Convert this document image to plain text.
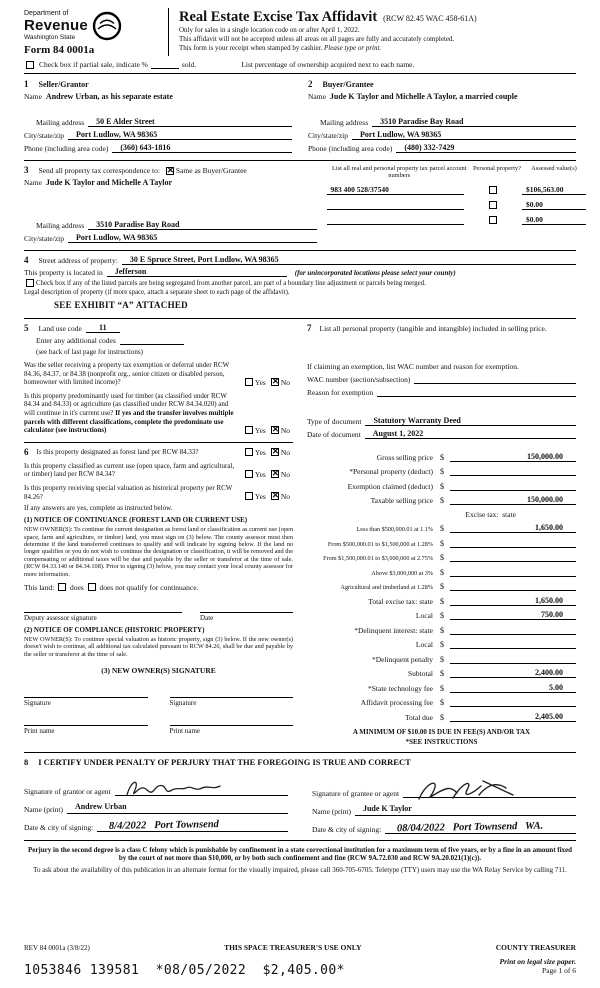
Department of
Revenue
Washington State
Form 84 0001a
Real Estate Excise Tax Affidavit (RCW 82.45 WAC 458-61A)
Only for sales in a single location code on or after April 1, 2022.
This affidavit will not be accepted unless all areas on all pages are fully and accurately completed.
This form is your receipt when stamped by cashier. Please type or print.
Check box if partial sale, indicate %	sold.	List percentage of ownership acquired next to each name.
1 Seller/Grantor
Name Andrew Urban, as his separate estate
Mailing address	50 E Alder Street
City/state/zip	Port Ludlow, WA 98365
Phone (including area code)	(360) 643-1816
2 Buyer/Grantee
Name Jude K Taylor and Michelle A Taylor, a married couple
Mailing address	3510 Paradise Bay Road
City/state/zip	Port Ludlow, WA 98365
Phone (including area code)	(480) 332-7429
3 Send all property tax correspondence to: ✕ Same as Buyer/Grantee
Name Jude K Taylor and Michelle A Taylor
Mailing address	3510 Paradise Bay Road
City/state/zip	Port Ludlow, WA 98365
List all real and personal property tax parcel account numbers
Personal property?	Assessed value(s)
983 400 528/37540	$106,563.00
$0.00
$0.00
4 Street address of property:	30 E Spruce Street, Port Ludlow, WA 98365
This property is located in	Jefferson	(for unincorporated locations please select your county)
Check box if any of the listed parcels are being segregated from another parcel, are part of a boundary line adjustment or parcels being merged.
Legal description of property (if more space, attach a separate sheet to each page of the affidavit).
SEE EXHIBIT “A” ATTACHED
5 Land use code	11
Enter any additional codes
(see back of last page for instructions)
Was the seller receiving a property tax exemption or deferral under RCW 84.36, 84.37, or 84.38 (nonprofit org., senior citizen or disabled person, homeowner with limited income)?	Yes ✕ No
Is this property predominantly used for timber (as classified under RCW 84.34 and 84.33) or agriculture (as classified under RCW 84.34.020) and will continue in it's current use? If yes and the transfer involves multiple parcels with different classifications, complete the predominate use calculator (see instructions)	Yes ✕ No
6 Is this property designated as forest land per RCW 84.33?	Yes ✕ No
Is this property classified as current use (open space, farm and agricultural, or timber) land per RCW 84.34?	Yes ✕ No
Is this property receiving special valuation as historical property per RCW 84.26?	Yes ✕ No
If any answers are yes, complete as instructed below.
(1) NOTICE OF CONTINUANCE (FOREST LAND OR CURRENT USE)
NEW OWNER(S): To continue the current designation as forest land or classification as current use (open space, farm and agriculture, or timber) land, you must sign on (3) below. The county assessor must then determine if the land transferred continues to qualify and will indicate by signing below. If the land no longer qualifies or you do not wish to continue the designation or classification, it will be removed and the compensating or additional taxes will be due and payable by the seller or transferor at the time of sale. (RCW 84.33.140 or 84.34.108). Prior to signing (3) below, you may contact your local county assessor for more information.
This land: does does not qualify for continuance.
Deputy assessor signature	Date
(2) NOTICE OF COMPLIANCE (HISTORIC PROPERTY)
NEW OWNER(S): To continue special valuation as historic property, sign (3) below. If the new owner(s) doesn't wish to continue, all additional tax calculated pursuant to RCW 84.26, shall be due and payable by the seller or transferor at the time of sale.
(3) NEW OWNER(S) SIGNATURE
Signature	Signature
Print name	Print name
7 List all personal property (tangible and intangible) included in selling price.
If claiming an exemption, list WAC number and reason for exemption.
WAC number (section/subsection)
Reason for exemption
Type of document	Statutory Warranty Deed
Date of document	August 1, 2022
Gross selling price $	150,000.00
*Personal property (deduct) $
Exemption claimed (deduct) $
Taxable selling price $	150,000.00
Excise tax:  state
Less than $500,000.01 at 1.1% $	1,650.00
From $500,000.01 to $1,500,000 at 1.28% $
From $1,500,000.01 to $3,000,000 at 2.75% $
Above $3,000,000 at 3% $
Agricultural and timberland at 1.28% $
Total excise tax: state $	1,650.00
Local $	750.00
*Delinquent interest: state $
Local $
*Delinquent penalty $
Subtotal $	2,400.00
*State technology fee $	5.00
Affidavit processing fee $
Total due $	2,405.00
A MINIMUM OF $10.00 IS DUE IN FEE(S) AND/OR TAX
*SEE INSTRUCTIONS
8 I CERTIFY UNDER PENALTY OF PERJURY THAT THE FOREGOING IS TRUE AND CORRECT
Signature of grantor or agent
Name (print)	Andrew Urban
Date & city of signing:	8/4/2022   Port Townsend
Signature of grantee or agent
Name (print)	Jude K Taylor
Date & city of signing:	08/04/2022   Port Townsend   WA.

Perjury in the second degree is a class C felony which is punishable by confinement in a state correctional institution for a maximum term of five years, or by a fine in an amount fixed by the court of not more than $10,000, or by both such confinement and fine (RCW 9A.72.030 and RCW 9A.20.021(1)(c)).

To ask about the availability of this publication in an alternate format for the visually impaired, please call 360-705-6705. Teletype (TTY) users may use the WA Relay Service by calling 711.

REV 84 0001a (3/8/22)	THIS SPACE TREASURER'S USE ONLY	COUNTY TREASURER
1053846 139581  *08/05/2022  $2,405.00*
Print on legal size paper.
Page 1 of 6
